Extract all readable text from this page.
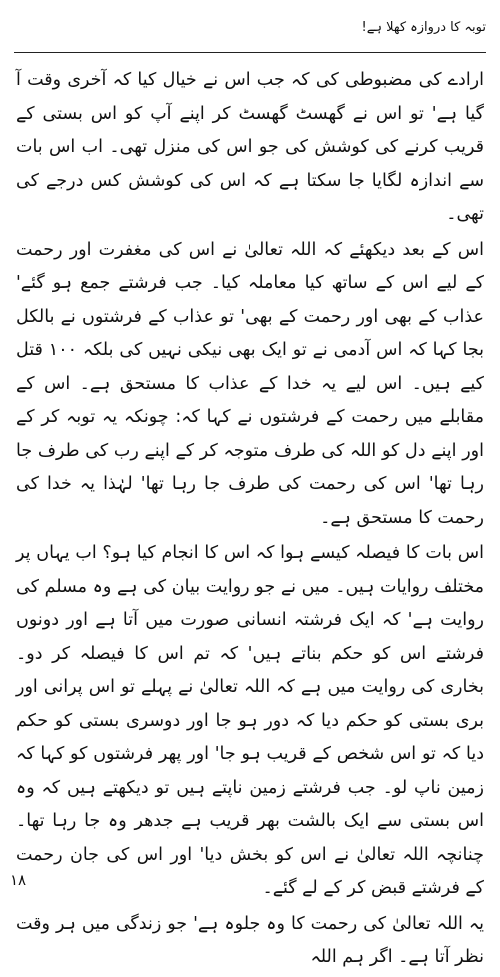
توبہ کا دروازہ کھلا ہے!

ارادے کی مضبوطی کی کہ جب اس نے خیال کیا کہ آخری وقت آ گیا ہے' تو اس نے گھسٹ گھسٹ کر اپنے آپ کو اس بستی کے قریب کرنے کی کوشش کی جو اس کی منزل تھی۔ اب اس بات سے اندازہ لگایا جا سکتا ہے کہ اس کی کوشش کس درجے کی تھی۔

اس کے بعد دیکھئے کہ اللہ تعالیٰ نے اس کی مغفرت اور رحمت کے لیے اس کے ساتھ کیا معاملہ کیا۔ جب فرشتے جمع ہو گئے' عذاب کے بھی اور رحمت کے بھی' تو عذاب کے فرشتوں نے بالکل بجا کہا کہ اس آدمی نے تو ایک بھی نیکی نہیں کی بلکہ ۱۰۰ قتل کیے ہیں۔ اس لیے یہ خدا کے عذاب کا مستحق ہے۔ اس کے مقابلے میں رحمت کے فرشتوں نے کہا کہ: چونکہ یہ توبہ کر کے اور اپنے دل کو اللہ کی طرف متوجہ کر کے اپنے رب کی طرف جا رہا تھا' اس کی رحمت کی طرف جا رہا تھا' لہٰذا یہ خدا کی رحمت کا مستحق ہے۔

اس بات کا فیصلہ کیسے ہوا کہ اس کا انجام کیا ہو؟ اب یہاں پر مختلف روایات ہیں۔ میں نے جو روایت بیان کی ہے وہ مسلم کی روایت ہے' کہ ایک فرشتہ انسانی صورت میں آتا ہے اور دونوں فرشتے اس کو حکم بناتے ہیں' کہ تم اس کا فیصلہ کر دو۔ بخاری کی روایت میں ہے کہ اللہ تعالیٰ نے پہلے تو اس پرانی اور بری بستی کو حکم دیا کہ دور ہو جا اور دوسری بستی کو حکم دیا کہ تو اس شخص کے قریب ہو جا' اور پھر فرشتوں کو کہا کہ زمین ناپ لو۔ جب فرشتے زمین ناپتے ہیں تو دیکھتے ہیں کہ وہ اس بستی سے ایک بالشت بھر قریب ہے جدھر وہ جا رہا تھا۔ چنانچہ اللہ تعالیٰ نے اس کو بخش دیا' اور اس کی جان رحمت کے فرشتے قبض کر کے لے گئے۔

یہ اللہ تعالیٰ کی رحمت کا وہ جلوہ ہے' جو زندگی میں ہر وقت نظر آتا ہے۔ اگر ہم اللہ

۱۸
